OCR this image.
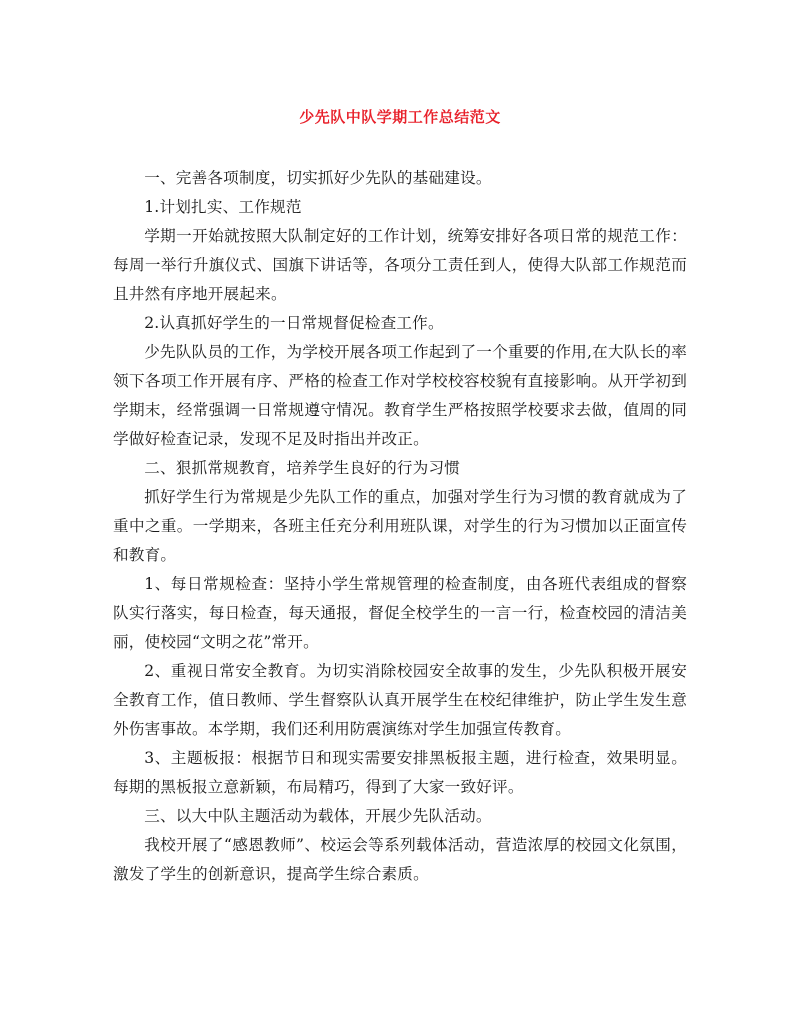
少先队中队学期工作总结范文

一、完善各项制度，切实抓好少先队的基础建设。

1.计划扎实、工作规范

学期一开始就按照大队制定好的工作计划，统筹安排好各项日常的规范工作：每周一举行升旗仪式、国旗下讲话等，各项分工责任到人，使得大队部工作规范而且井然有序地开展起来。

2.认真抓好学生的一日常规督促检查工作。

少先队队员的工作，为学校开展各项工作起到了一个重要的作用,在大队长的率领下各项工作开展有序、严格的检查工作对学校校容校貌有直接影响。从开学初到学期末，经常强调一日常规遵守情况。教育学生严格按照学校要求去做，值周的同学做好检查记录，发现不足及时指出并改正。

二、狠抓常规教育，培养学生良好的行为习惯

抓好学生行为常规是少先队工作的重点，加强对学生行为习惯的教育就成为了重中之重。一学期来，各班主任充分利用班队课，对学生的行为习惯加以正面宣传和教育。

1、每日常规检查：坚持小学生常规管理的检查制度，由各班代表组成的督察队实行落实，每日检查，每天通报，督促全校学生的一言一行，检查校园的清洁美丽，使校园“文明之花”常开。

2、重视日常安全教育。为切实消除校园安全故事的发生，少先队积极开展安全教育工作，值日教师、学生督察队认真开展学生在校纪律维护，防止学生发生意外伤害事故。本学期，我们还利用防震演练对学生加强宣传教育。

3、主题板报：根据节日和现实需要安排黑板报主题，进行检查，效果明显。每期的黑板报立意新颖，布局精巧，得到了大家一致好评。

三、以大中队主题活动为载体，开展少先队活动。

我校开展了“感恩教师”、校运会等系列载体活动，营造浓厚的校园文化氛围，激发了学生的创新意识，提高学生综合素质。
